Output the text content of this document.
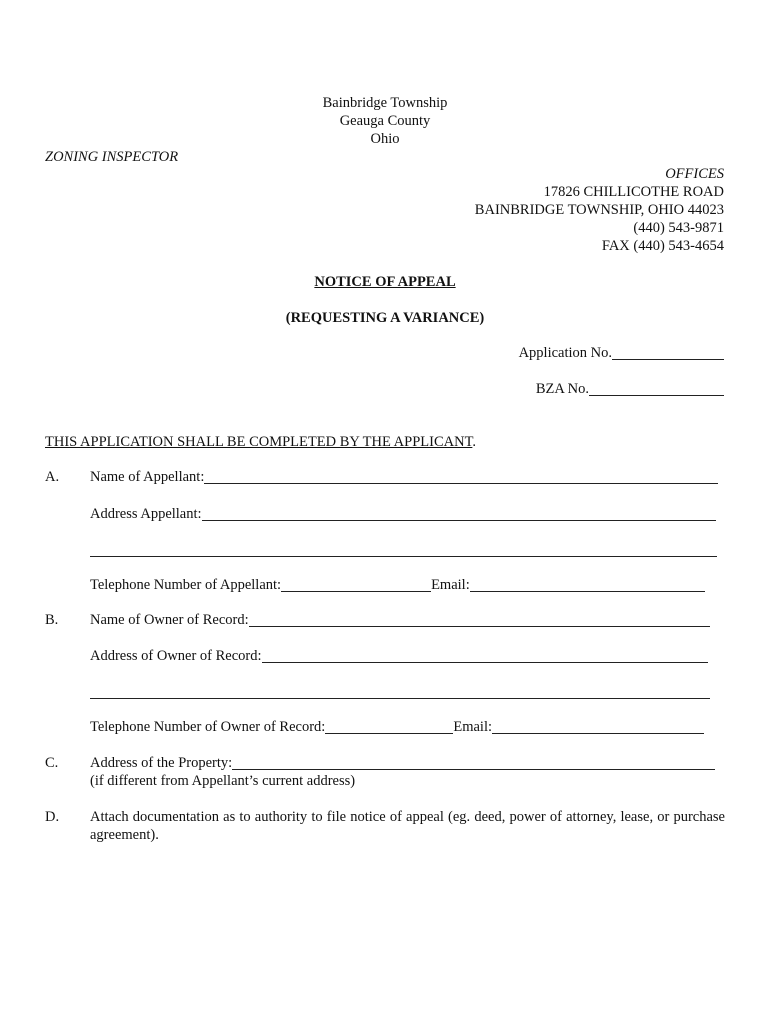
Bainbridge Township
Geauga County
Ohio
ZONING INSPECTOR
OFFICES
17826 CHILLICOTHE ROAD
BAINBRIDGE TOWNSHIP, OHIO 44023
(440) 543-9871
FAX (440) 543-4654
NOTICE OF APPEAL
(REQUESTING A VARIANCE)
Application No.
BZA No.
THIS APPLICATION SHALL BE COMPLETED BY THE APPLICANT.
A. Name of Appellant:
Address Appellant:
Telephone Number of Appellant:	Email:
B. Name of Owner of Record:
Address of Owner of Record:
Telephone Number of Owner of Record:	Email:
C. Address of the Property:
(if different from Appellant’s current address)
D. Attach documentation as to authority to file notice of appeal (eg. deed, power of attorney, lease, or purchase agreement).
